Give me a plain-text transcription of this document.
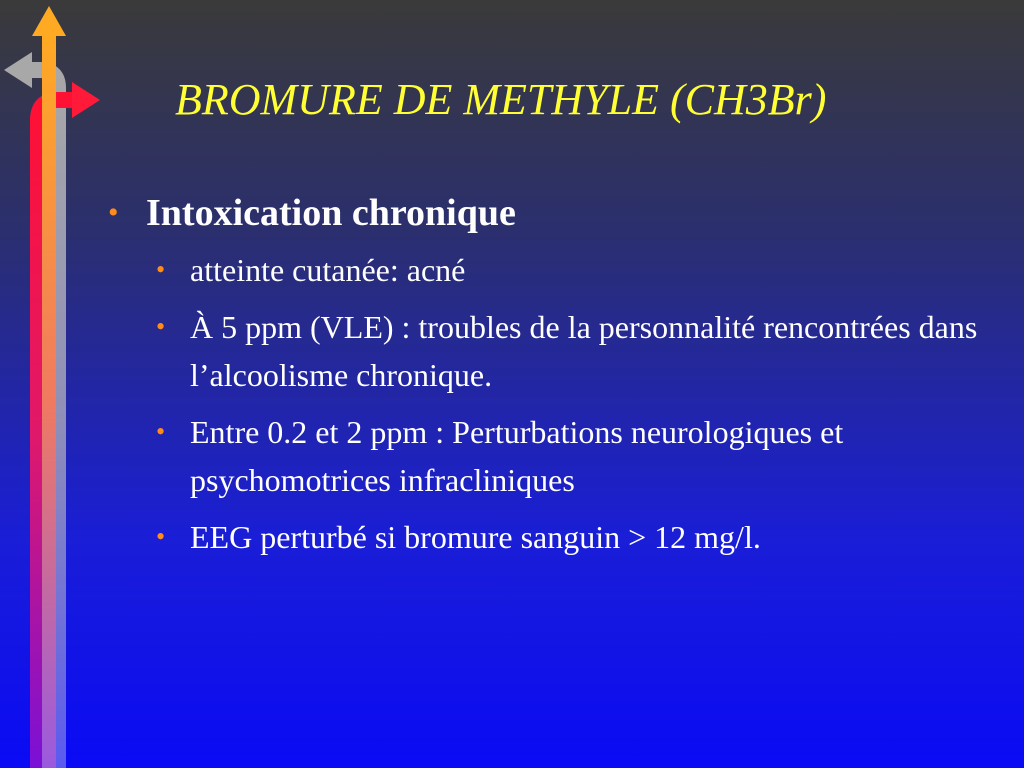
BROMURE DE METHYLE (CH3Br)
• Intoxication chronique
• atteinte cutanée: acné
• À 5 ppm (VLE) : troubles de la personnalité rencontrées dans l’alcoolisme chronique.
• Entre 0.2 et 2 ppm : Perturbations neurologiques et psychomotrices infracliniques
• EEG perturbé si bromure sanguin > 12 mg/l.
